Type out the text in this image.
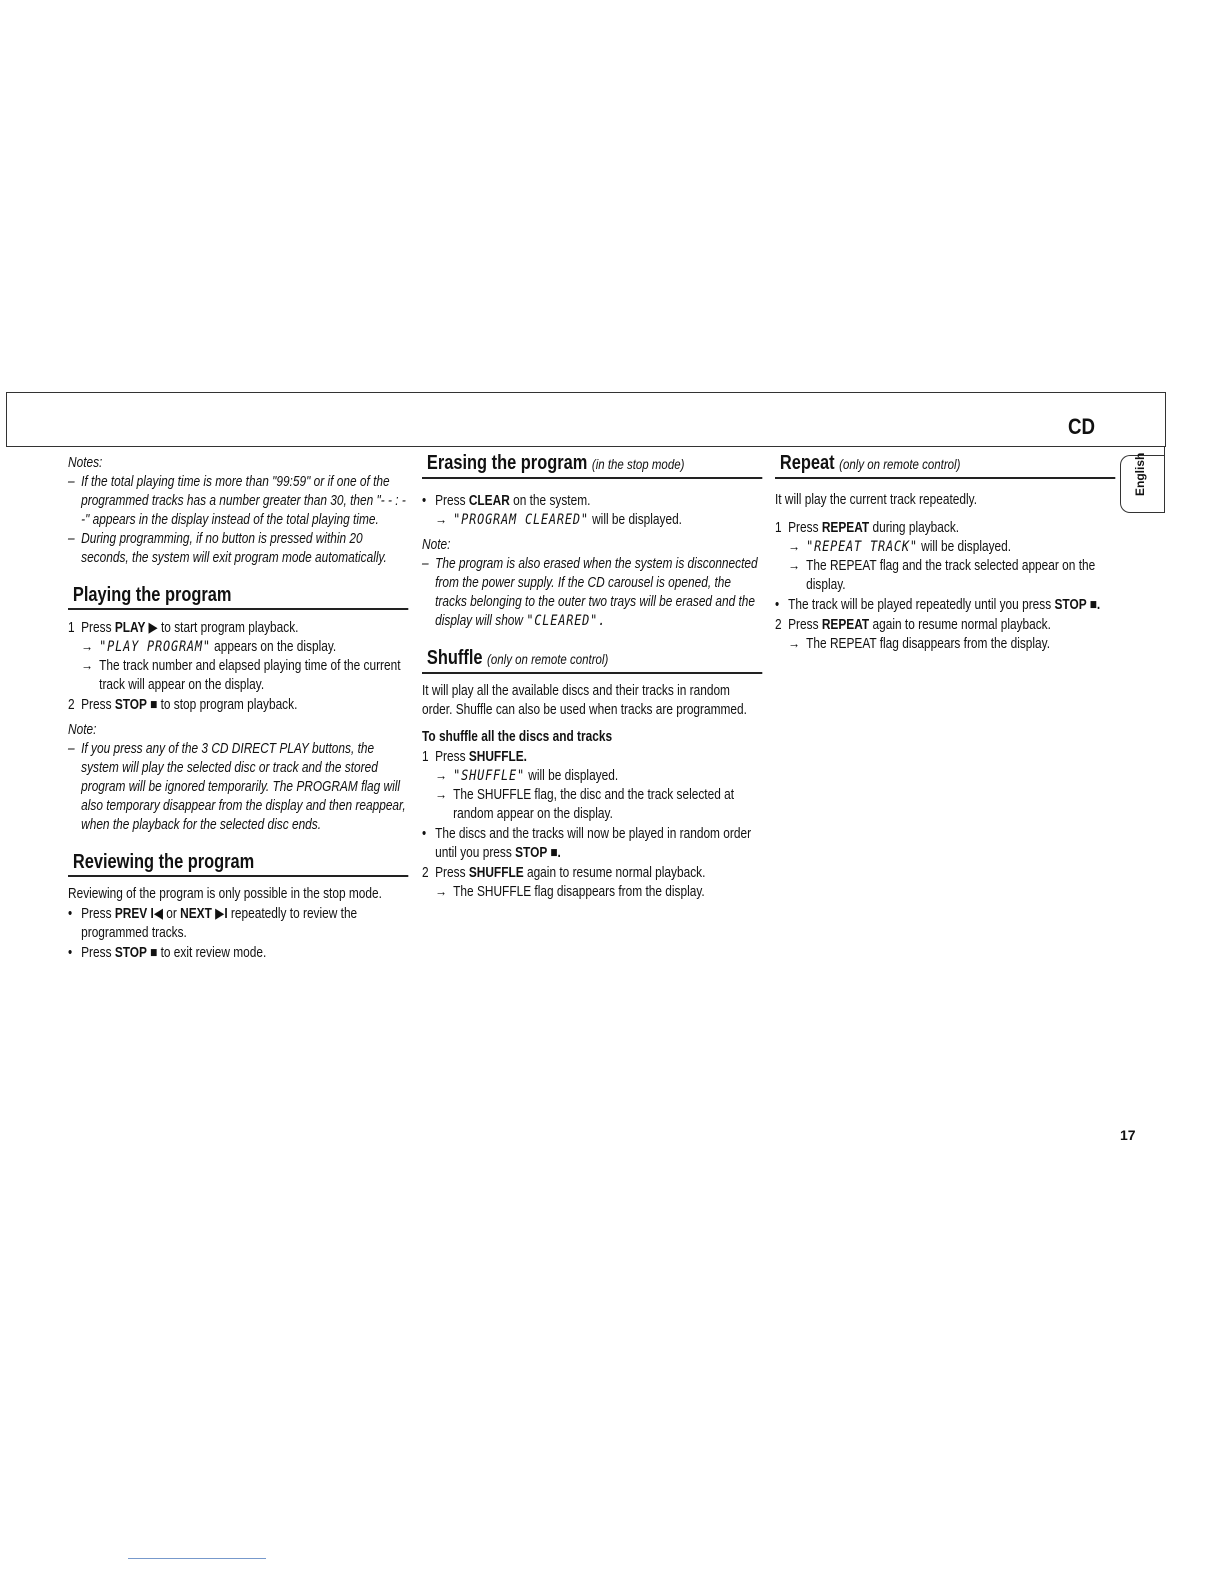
CD
English

Notes:

– If the total playing time is more than "99:59" or if one of the programmed tracks has a number greater than 30, then "- - : - -" appears in the display instead of the total playing time.
– During programming, if no button is pressed within 20 seconds, the system will exit program mode automatically.
Playing the program
1 Press PLAY ▶ to start program playback.
→ "PLAY PROGRAM" appears on the display.
→ The track number and elapsed playing time of the current track will appear on the display.
2 Press STOP ■ to stop program playback.

Note:

– If you press any of the 3 CD DIRECT PLAY buttons, the system will play the selected disc or track and the stored program will be ignored temporarily. The PROGRAM flag will also temporary disappear from the display and then reappear, when the playback for the selected disc ends.
Reviewing the program

Reviewing of the program is only possible in the stop mode.

• Press PREV I◀ or NEXT ▶I repeatedly to review the programmed tracks.
• Press STOP ■ to exit review mode.
Erasing the program (in the stop mode)
• Press CLEAR on the system.
→ "PROGRAM CLEARED" will be displayed.

Note:

– The program is also erased when the system is disconnected from the power supply. If the CD carousel is opened, the tracks belonging to the outer two trays will be erased and the display will show "CLEARED".
Shuffle (only on remote control)

It will play all the available discs and their tracks in random order. Shuffle can also be used when tracks are programmed.

To shuffle all the discs and tracks

1 Press SHUFFLE.
→ "SHUFFLE" will be displayed.
→ The SHUFFLE flag, the disc and the track selected at random appear on the display.
• The discs and the tracks will now be played in random order until you press STOP ■.
2 Press SHUFFLE again to resume normal playback.
→ The SHUFFLE flag disappears from the display.
Repeat (only on remote control)

It will play the current track repeatedly.

1 Press REPEAT during playback.
→ "REPEAT TRACK" will be displayed.
→ The REPEAT flag and the track selected appear on the display.
• The track will be played repeatedly until you press STOP ■.
2 Press REPEAT again to resume normal playback.
→ The REPEAT flag disappears from the display.
17
